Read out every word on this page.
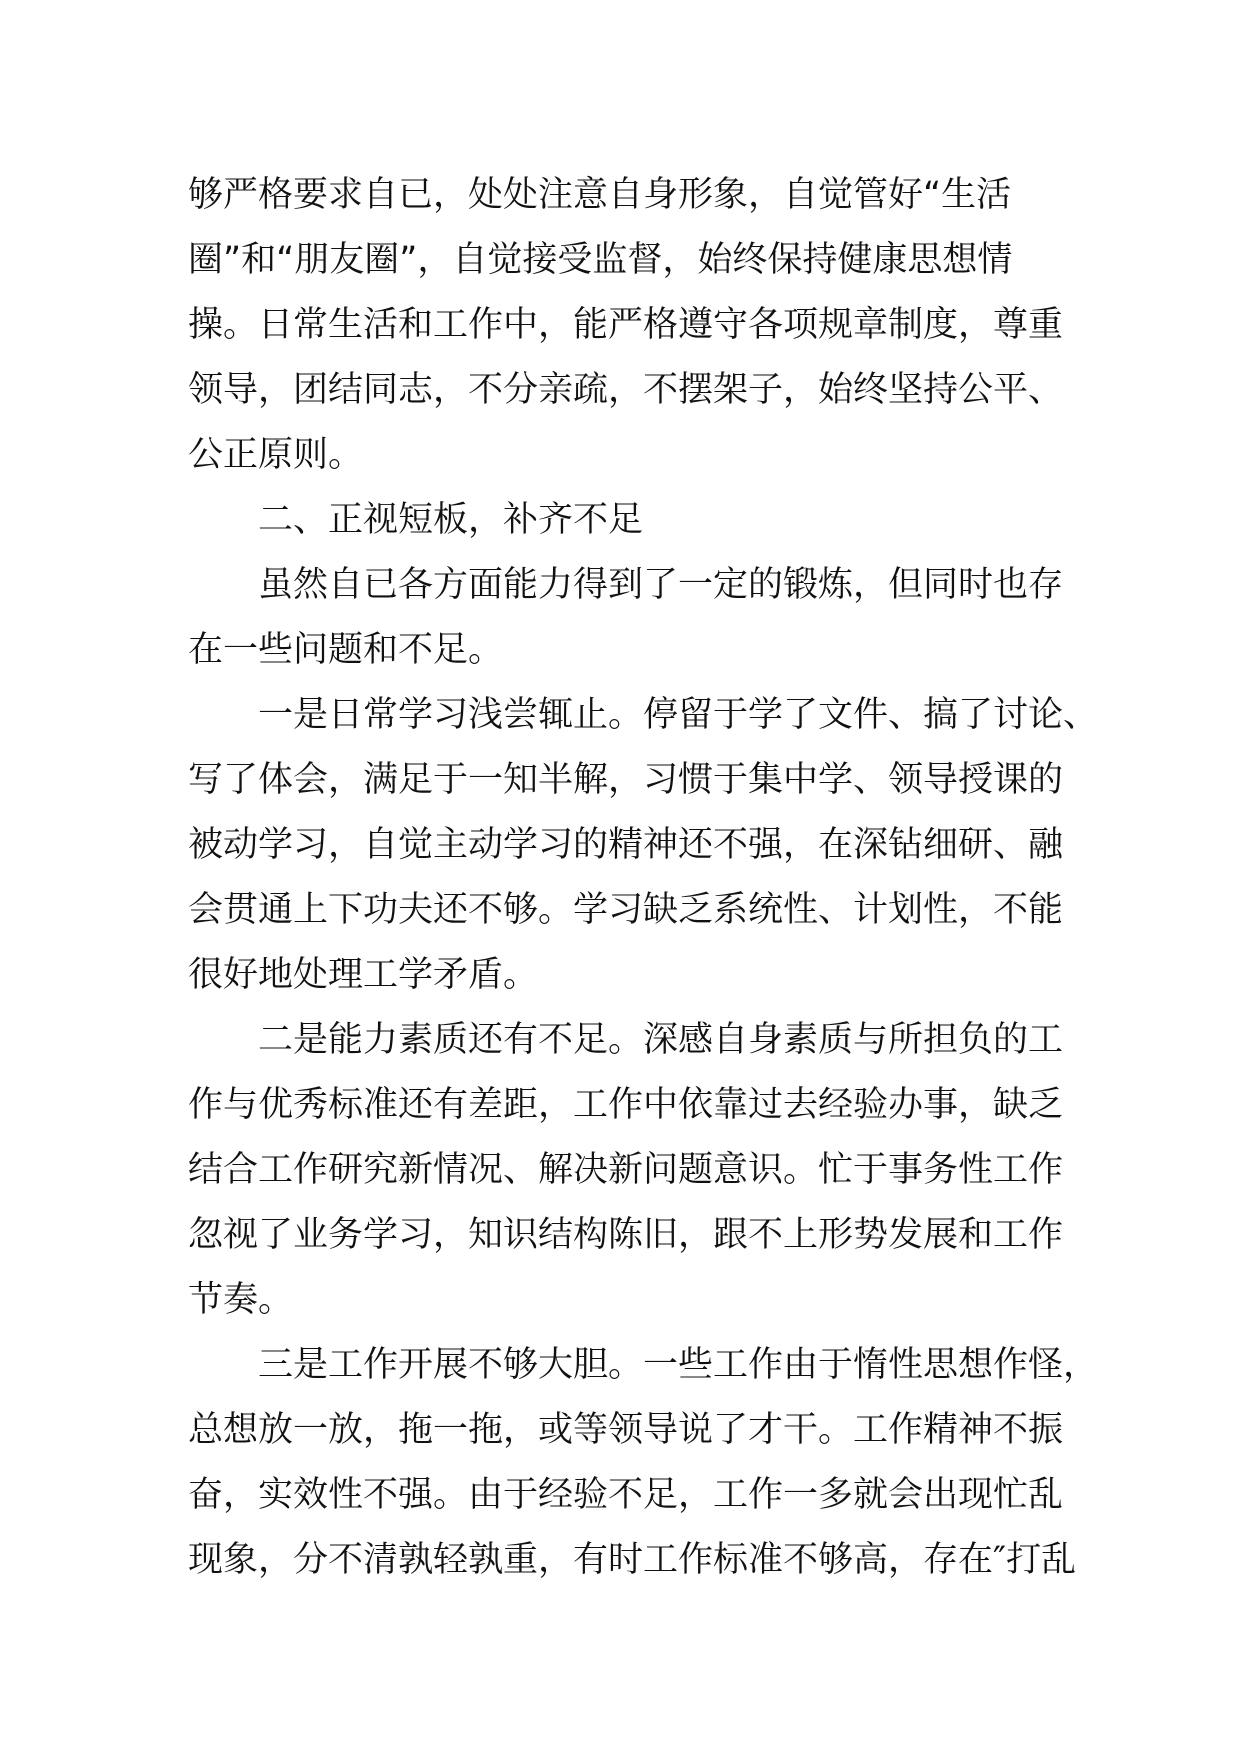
够严格要求自已，处处注意自身形象，自觉管好“生活
圈”和“朋友圈”，自觉接受监督，始终保持健康思想情
操。日常生活和工作中，能严格遵守各项规章制度，尊重
领导，团结同志，不分亲疏，不摆架子，始终坚持公平、
公正原则。
二、正视短板，补齐不足
虽然自已各方面能力得到了一定的锻炼，但同时也存
在一些问题和不足。
一是日常学习浅尝辄止。停留于学了文件、搞了讨论、
写了体会，满足于一知半解，习惯于集中学、领导授课的
被动学习，自觉主动学习的精神还不强，在深钻细研、融
会贯通上下功夫还不够。学习缺乏系统性、计划性，不能
很好地处理工学矛盾。
二是能力素质还有不足。深感自身素质与所担负的工
作与优秀标准还有差距，工作中依靠过去经验办事，缺乏
结合工作研究新情况、解决新问题意识。忙于事务性工作
忽视了业务学习，知识结构陈旧，跟不上形势发展和工作
节奏。
三是工作开展不够大胆。一些工作由于惰性思想作怪，
总想放一放，拖一拖，或等领导说了才干。工作精神不振
奋，实效性不强。由于经验不足，工作一多就会出现忙乱
现象，分不清孰轻孰重，有时工作标准不够高，存在″打乱
